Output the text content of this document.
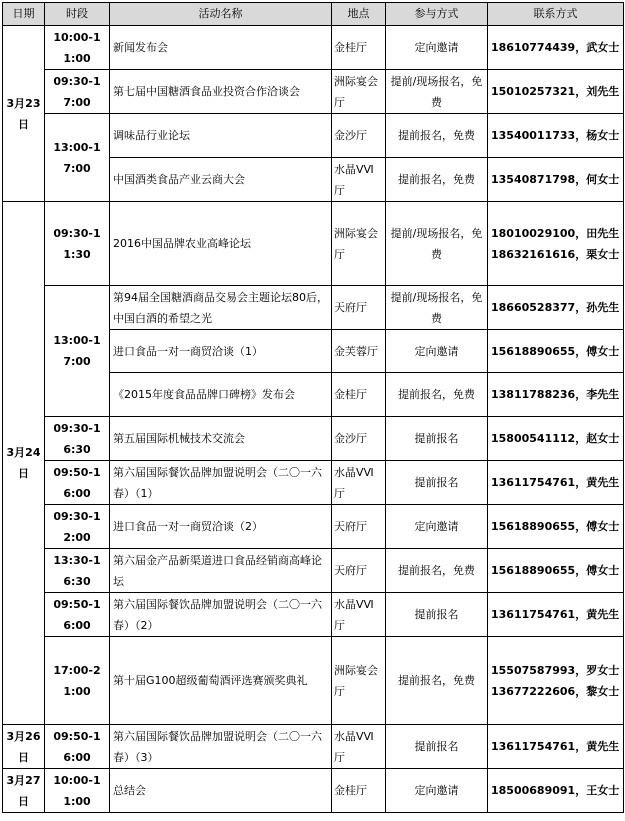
日期	时段	活动名称	地点	参与方式	联系方式
3月23日	10:00-11:00	新闻发布会	金桂厅	定向邀请	18610774439，武女士

	09:30-17:00	第七届中国糖酒食品业投资合作洽谈会	洲际宴会厅	提前/现场报名，免费	15010257321，刘先生

	13:00-17:00	调味品行业论坛	金沙厅	提前报名，免费	13540011733，杨女士

		中国酒类食品产业云商大会	水晶ⅤⅥ厅	提前报名，免费	13540871798，何女士

3月24日	09:30-11:30	2016中国品牌农业高峰论坛	洲际宴会厅	提前/现场报名，免费	18010029100，田先生
18632161616，栗女士

	13:00-17:00	第94届全国糖酒商品交易会主题论坛80后，中国白酒的希望之光	天府厅	提前/现场报名，免费	18660528377，孙先生

		进口食品一对一商贸洽谈（1）	金芙蓉厅	定向邀请	15618890655，傅女士

		《2015年度食品品牌口碑榜》发布会	金桂厅	提前报名，免费	13811788236，李先生

	09:30-16:30	第五届国际机械技术交流会	金沙厅	提前报名	15800541112，赵女士

	09:50-16:00	第六届国际餐饮品牌加盟说明会（二〇一六 春）（1）	水晶ⅤⅥ厅	提前报名	13611754761，黄先生

	09:30-12:00	进口食品一对一商贸洽谈（2）	天府厅	定向邀请	15618890655，傅女士

	13:30-16:30	第六届金产品新渠道进口食品经销商高峰论坛	天府厅	提前报名，免费	15618890655，傅女士

	09:50-16:00	第六届国际餐饮品牌加盟说明会（二〇一六 春）（2）	水晶ⅤⅥ厅	提前报名	13611754761，黄先生

	17:00-21:00	第十届G100超级葡萄酒评选赛颁奖典礼	洲际宴会厅	提前报名，免费	15507587993，罗女士
13677222606，黎女士

3月26日	09:50-16:00	第六届国际餐饮品牌加盟说明会（二〇一六 春）（3）	水晶ⅤⅥ厅	提前报名	13611754761，黄先生

3月27日	10:00-11:00	总结会	金桂厅	定向邀请	18500689091，王女士
